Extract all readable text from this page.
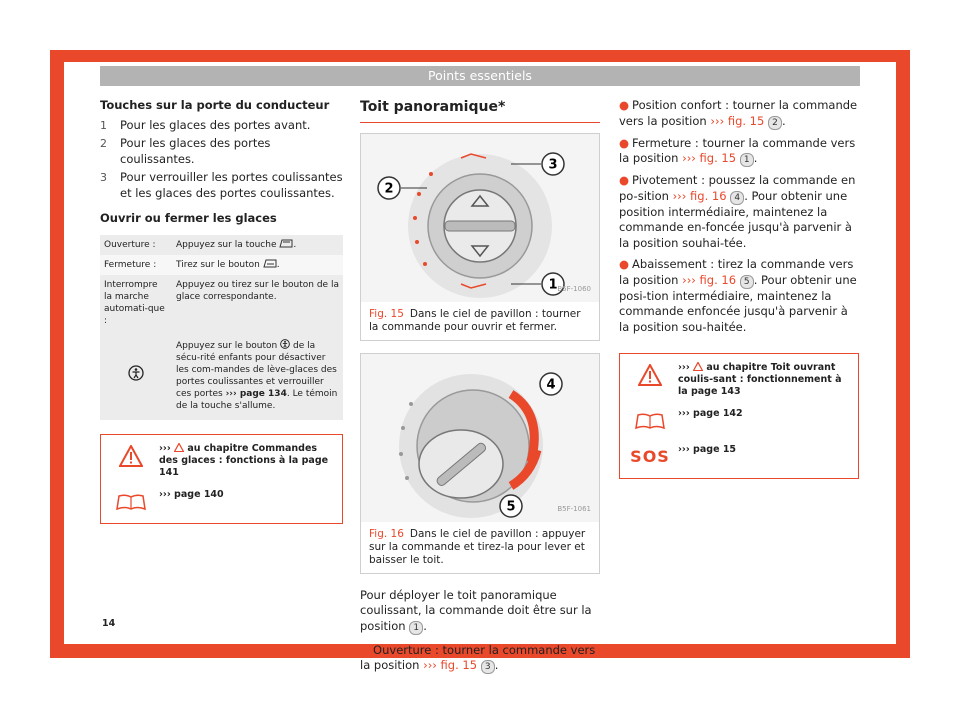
Points essentiels
Touches sur la porte du conducteur
1 Pour les glaces des portes avant.
2 Pour les glaces des portes coulissantes.
3 Pour verrouiller les portes coulissantes et les glaces des portes coulissantes.
Ouvrir ou fermer les glaces
Ouverture :	Appuyez sur la touche .
Fermeture :	Tirez sur le bouton .
Interrompre la marche automati-que :	Appuyez ou tirez sur le bouton de la glace correspondante.
	Appuyez sur le bouton de la sécu-rité enfants pour désactiver les com-mandes de lève-glaces des portes coulissantes et verrouiller ces portes ››› page 134. Le témoin de la touche s'allume.
››› au chapitre Commandes des glaces : fonctions à la page 141
››› page 140
Toit panoramique*
1
2
3
B5F-1060
Fig. 15 Dans le ciel de pavillon : tourner la commande pour ouvrir et fermer.
4
5	B5F-1061
Fig. 16 Dans le ciel de pavillon : appuyer sur la commande et tirez-la pour lever et baisser le toit.
Pour déployer le toit panoramique coulissant, la commande doit être sur la position 1 .
● Ouverture : tourner la commande vers la position ››› fig. 15 3 .
● Position confort : tourner la commande vers la position ››› fig. 15 2 .
● Fermeture : tourner la commande vers la position ››› fig. 15 1 .
● Pivotement : poussez la commande en po-sition ››› fig. 16 4 . Pour obtenir une position intermédiaire, maintenez la commande en-foncée jusqu'à parvenir à la position souhai-tée.
● Abaissement : tirez la commande vers la position ››› fig. 16 5 . Pour obtenir une posi-tion intermédiaire, maintenez la commande enfoncée jusqu'à parvenir à la position sou-haitée.
››› au chapitre Toit ouvrant coulis-sant : fonctionnement à la page 143
››› page 142
SOS ››› page 15
14
